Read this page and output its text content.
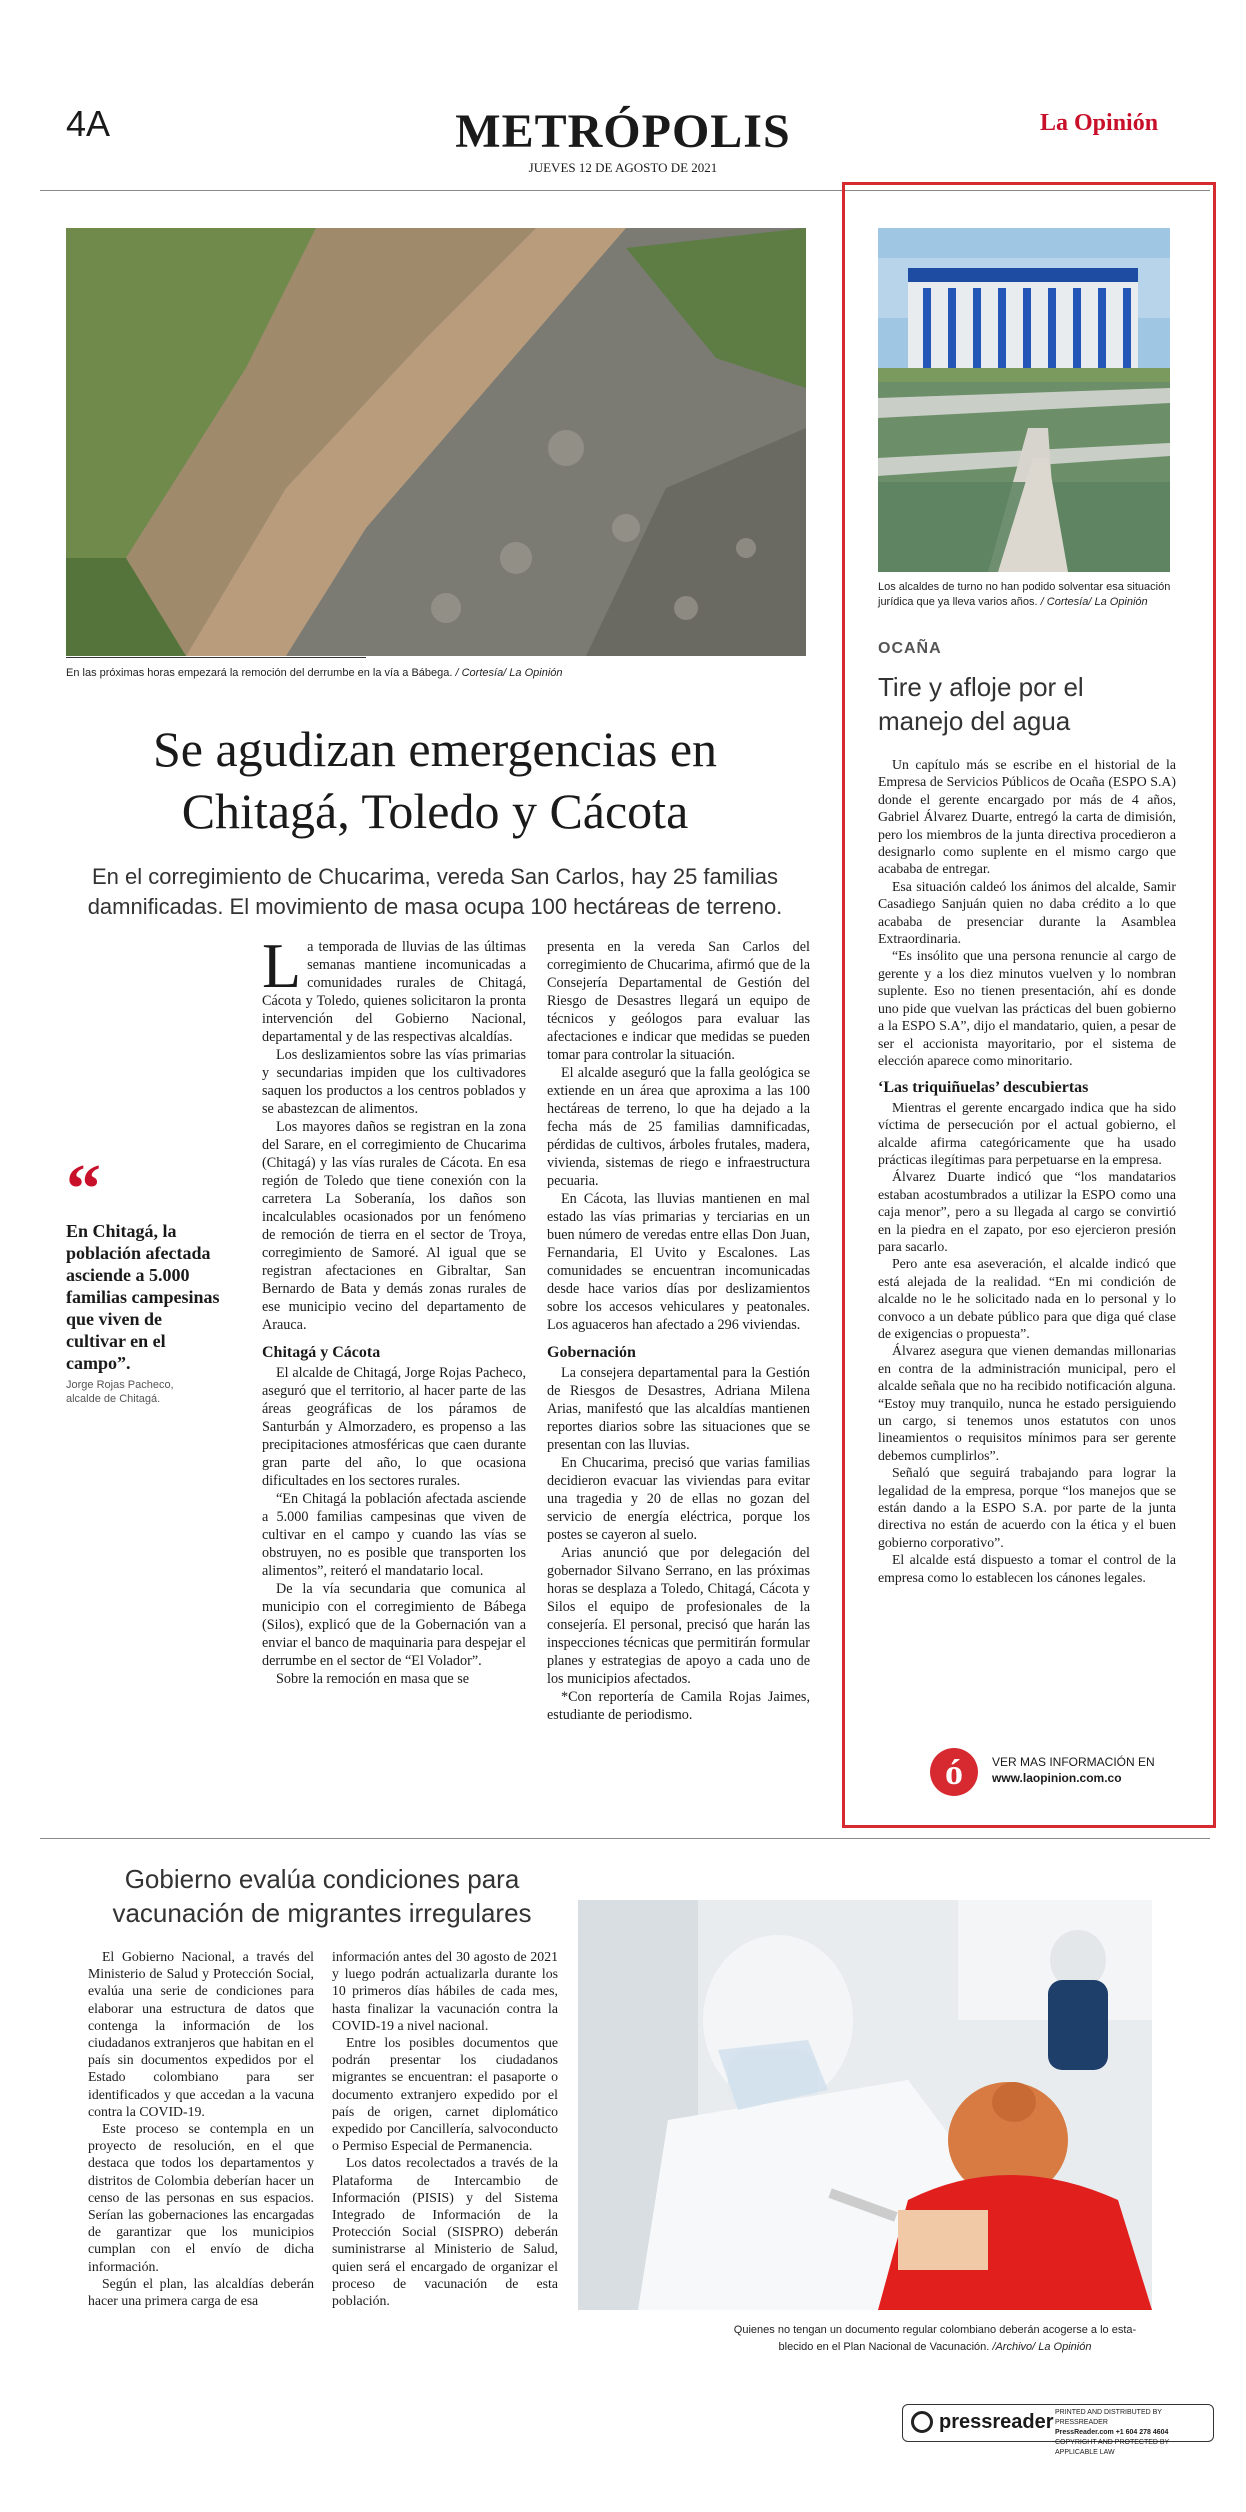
4A	METRÓPOLIS
JUEVES 12 DE AGOSTO DE 2021
La Opinión
En las próximas horas empezará la remoción del derrumbe en la vía a Bábega. / Cortesía/ La Opinión
Se agudizan emergencias en
Chitagá, Toledo y Cácota
En el corregimiento de Chucarima, vereda San Carlos, hay 25 familias
damnificadas. El movimiento de masa ocupa 100 hectáreas de terreno.
“
En Chitagá, la población afectada asciende a 5.000 familias campesinas que viven de cultivar en el campo”.
Jorge Rojas Pacheco,
alcalde de Chitagá.

La temporada de lluvias de las últimas semanas mantiene incomunicadas a comunidades rurales de Chitagá, Cácota y Toledo, quienes solicitaron la pronta intervención del Gobierno Nacional, departamental y de las respectivas alcaldías.

Los deslizamientos sobre las vías primarias y secundarias impiden que los cultivadores saquen los productos a los centros poblados y se abastezcan de alimentos.

Los mayores daños se registran en la zona del Sarare, en el corregimiento de Chucarima (Chitagá) y las vías rurales de Cácota. En esa región de Toledo que tiene conexión con la carretera La Soberanía, los daños son incalculables ocasionados por un fenómeno de remoción de tierra en el sector de Troya, corregimiento de Samoré. Al igual que se registran afectaciones en Gibraltar, San Bernardo de Bata y demás zonas rurales de ese municipio vecino del departamento de Arauca.

Chitagá y Cácota

El alcalde de Chitagá, Jorge Rojas Pacheco, aseguró que el territorio, al hacer parte de las áreas geográficas de los páramos de Santurbán y Almorzadero, es propenso a las precipitaciones atmosféricas que caen durante gran parte del año, lo que ocasiona dificultades en los sectores rurales.

“En Chitagá la población afectada asciende a 5.000 familias campesinas que viven de cultivar en el campo y cuando las vías se obstruyen, no es posible que transporten los alimentos”, reiteró el mandatario local.

De la vía secundaria que comunica al municipio con el corregimiento de Bábega (Silos), explicó que de la Gobernación van a enviar el banco de maquinaria para despejar el derrumbe en el sector de “El Volador”.

Sobre la remoción en masa que se

presenta en la vereda San Carlos del corregimiento de Chucarima, afirmó que de la Consejería Departamental de Gestión del Riesgo de Desastres llegará un equipo de técnicos y geólogos para evaluar las afectaciones e indicar que medidas se pueden tomar para controlar la situación.

El alcalde aseguró que la falla geológica se extiende en un área que aproxima a las 100 hectáreas de terreno, lo que ha dejado a la fecha más de 25 familias damnificadas, pérdidas de cultivos, árboles frutales, madera, vivienda, sistemas de riego e infraestructura pecuaria.

En Cácota, las lluvias mantienen en mal estado las vías primarias y terciarias en un buen número de veredas entre ellas Don Juan, Fernandaria, El Uvito y Escalones. Las comunidades se encuentran incomunicadas desde hace varios días por deslizamientos sobre los accesos vehiculares y peatonales. Los aguaceros han afectado a 296 viviendas.

Gobernación

La consejera departamental para la Gestión de Riesgos de Desastres, Adriana Milena Arias, manifestó que las alcaldías mantienen reportes diarios sobre las situaciones que se presentan con las lluvias.

En Chucarima, precisó que varias familias decidieron evacuar las viviendas para evitar una tragedia y 20 de ellas no gozan del servicio de energía eléctrica, porque los postes se cayeron al suelo.

Arias anunció que por delegación del gobernador Silvano Serrano, en las próximas horas se desplaza a Toledo, Chitagá, Cácota y Silos el equipo de profesionales de la consejería. El personal, precisó que harán las inspecciones técnicas que permitirán formular planes y estrategias de apoyo a cada uno de los municipios afectados.

*Con reportería de Camila Rojas Jaimes, estudiante de periodismo.

Los alcaldes de turno no han podido solventar esa situación jurídica que ya lleva varios años. / Cortesía/ La Opinión
OCAÑA
Tire y afloje por el
manejo del agua

Un capítulo más se escribe en el historial de la Empresa de Servicios Públicos de Ocaña (ESPO S.A) donde el gerente encargado por más de 4 años, Gabriel Álvarez Duarte, entregó la carta de dimisión, pero los miembros de la junta directiva procedieron a designarlo como suplente en el mismo cargo que acababa de entregar.

Esa situación caldeó los ánimos del alcalde, Samir Casadiego Sanjuán quien no daba crédito a lo que acababa de presenciar durante la Asamblea Extraordinaria.

“Es insólito que una persona renuncie al cargo de gerente y a los diez minutos vuelven y lo nombran suplente. Eso no tienen presentación, ahí es donde uno pide que vuelvan las prácticas del buen gobierno a la ESPO S.A”, dijo el mandatario, quien, a pesar de ser el accionista mayoritario, por el sistema de elección aparece como minoritario.

‘Las triquiñuelas’ descubiertas

Mientras el gerente encargado indica que ha sido víctima de persecución por el actual gobierno, el alcalde afirma categóricamente que ha usado prácticas ilegítimas para perpetuarse en la empresa.

Álvarez Duarte indicó que “los mandatarios estaban acostumbrados a utilizar la ESPO como una caja menor”, pero a su llegada al cargo se convirtió en la piedra en el zapato, por eso ejercieron presión para sacarlo.

Pero ante esa aseveración, el alcalde indicó que está alejada de la realidad. “En mi condición de alcalde no le he solicitado nada en lo personal y lo convoco a un debate público para que diga qué clase de exigencias o propuesta”.

Álvarez asegura que vienen demandas millonarias en contra de la administración municipal, pero el alcalde señala que no ha recibido notificación alguna. “Estoy muy tranquilo, nunca he estado persiguiendo un cargo, si tenemos unos estatutos con unos lineamientos o requisitos mínimos para ser gerente debemos cumplirlos”.

Señaló que seguirá trabajando para lograr la legalidad de la empresa, porque “los manejos que se están dando a la ESPO S.A. por parte de la junta directiva no están de acuerdo con la ética y el buen gobierno corporativo”.

El alcalde está dispuesto a tomar el control de la empresa como lo establecen los cánones legales.

ó	VER MAS INFORMACIÓN EN
www.laopinion.com.co
Gobierno evalúa condiciones para
vacunación de migrantes irregulares

El Gobierno Nacional, a través del Ministerio de Salud y Protección Social, evalúa una serie de condiciones para elaborar una estructura de datos que contenga la información de los ciudadanos extranjeros que habitan en el país sin documentos expedidos por el Estado colombiano para ser identificados y que accedan a la vacuna contra la COVID-19.

Este proceso se contempla en un proyecto de resolución, en el que destaca que todos los departamentos y distritos de Colombia deberían hacer un censo de las personas en sus espacios. Serían las gobernaciones las encargadas de garantizar que los municipios cumplan con el envío de dicha información.

Según el plan, las alcaldías deberán hacer una primera carga de esa

información antes del 30 agosto de 2021 y luego podrán actualizarla durante los 10 primeros días hábiles de cada mes, hasta finalizar la vacunación contra la COVID-19 a nivel nacional.

Entre los posibles documentos que podrán presentar los ciudadanos migrantes se encuentran: el pasaporte o documento extranjero expedido por el país de origen, carnet diplomático expedido por Cancillería, salvoconducto o Permiso Especial de Permanencia.

Los datos recolectados a través de la Plataforma de Intercambio de Información (PISIS) y del Sistema Integrado de Información de la Protección Social (SISPRO) deberán suministrarse al Ministerio de Salud, quien será el encargado de organizar el proceso de vacunación de esta población.

Quienes no tengan un documento regular colombiano deberán acogerse a lo esta-
blecido en el Plan Nacional de Vacunación. /Archivo/ La Opinión
pressreader PRINTED AND DISTRIBUTED BY PRESSREADER
PressReader.com +1 604 278 4604
COPYRIGHT AND PROTECTED BY APPLICABLE LAW
